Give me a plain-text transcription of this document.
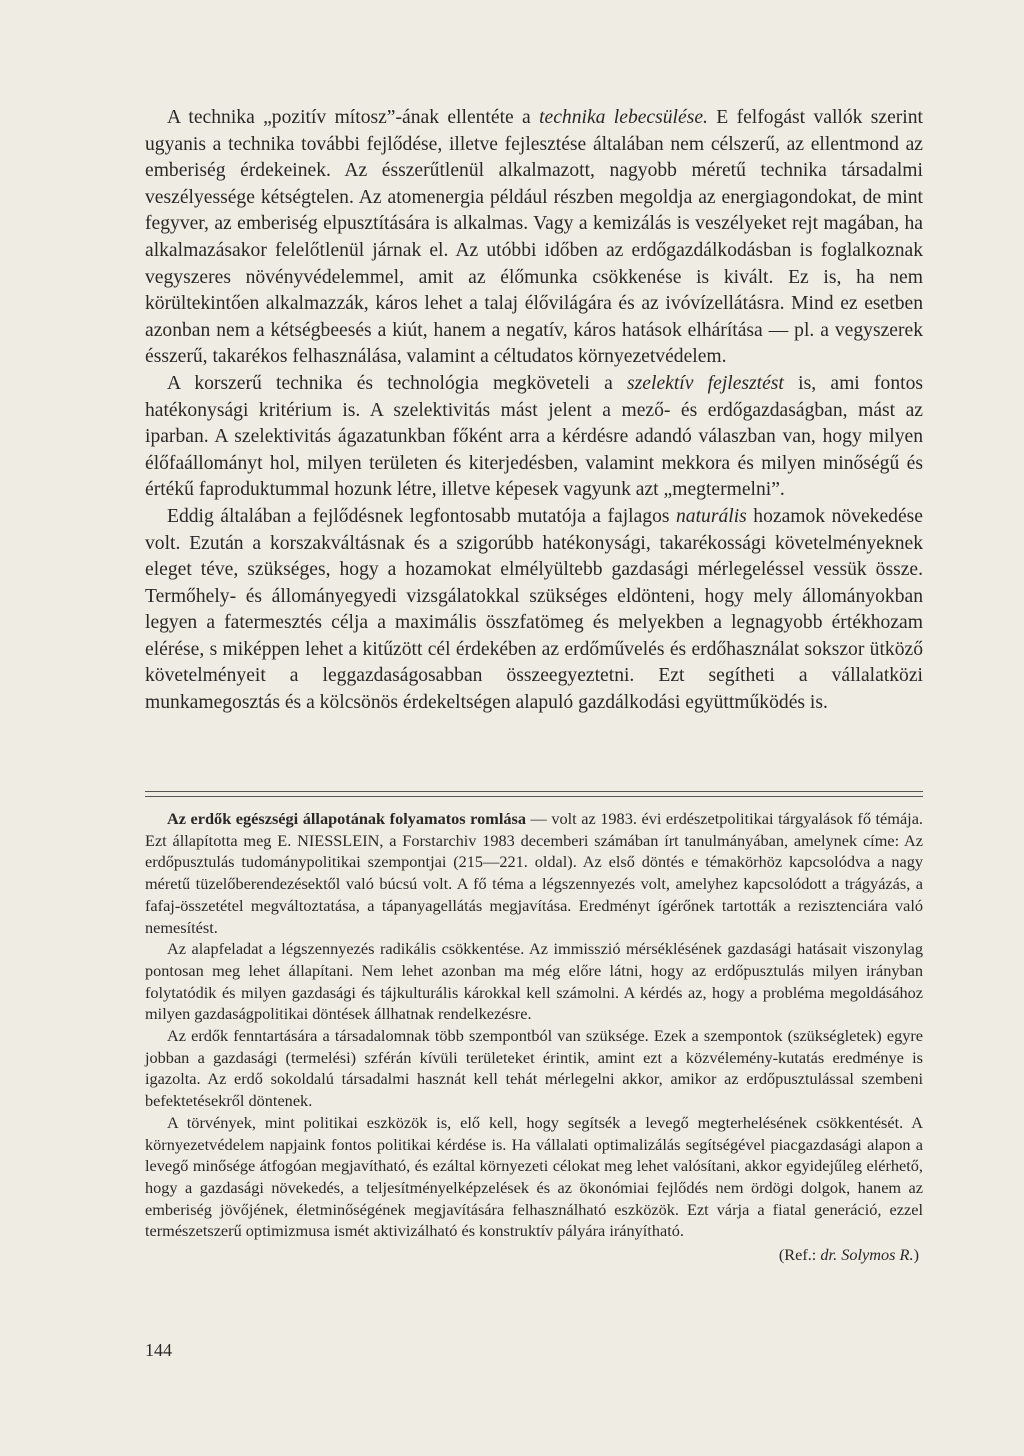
A technika „pozitív mítosz”-ának ellentéte a technika lebecsülése. E felfogást vallók szerint ugyanis a technika további fejlődése, illetve fejlesztése általában nem célszerű, az ellentmond az emberiség érdekeinek. Az ésszerűtlenül alkalmazott, nagyobb méretű technika társadalmi veszélyessége kétségtelen. Az atomenergia például részben megoldja az energiagondokat, de mint fegyver, az emberiség elpusztítására is alkalmas. Vagy a kemizálás is veszélyeket rejt magában, ha alkalmazásakor felelőtlenül járnak el. Az utóbbi időben az erdőgazdálkodásban is foglalkoznak vegyszeres növényvédelemmel, amit az élőmunka csökkenése is kivált. Ez is, ha nem körültekintően alkalmazzák, káros lehet a talaj élővilágára és az ivóvízellátásra. Mind ez esetben azonban nem a kétségbeesés a kiút, hanem a negatív, káros hatások elhárítása — pl. a vegyszerek ésszerű, takarékos felhasználása, valamint a céltudatos környezetvédelem.

A korszerű technika és technológia megköveteli a szelektív fejlesztést is, ami fontos hatékonysági kritérium is. A szelektivitás mást jelent a mező- és erdőgazdaságban, mást az iparban. A szelektivitás ágazatunkban főként arra a kérdésre adandó válaszban van, hogy milyen élőfaállományt hol, milyen területen és kiterjedésben, valamint mekkora és milyen minőségű és értékű faproduktummal hozunk létre, illetve képesek vagyunk azt „megtermelni”.

Eddig általában a fejlődésnek legfontosabb mutatója a fajlagos naturális hozamok növekedése volt. Ezután a korszakváltásnak és a szigorúbb hatékonysági, takarékossági követelményeknek eleget téve, szükséges, hogy a hozamokat elmélyültebb gazdasági mérlegeléssel vessük össze. Termőhely- és állományegyedi vizsgálatokkal szükséges eldönteni, hogy mely állományokban legyen a fatermesztés célja a maximális összfatömeg és melyekben a legnagyobb értékhozam elérése, s miképpen lehet a kitűzött cél érdekében az erdőművelés és erdőhasználat sokszor ütköző követelményeit a leggazdaságosabban összeegyeztetni. Ezt segítheti a vállalatközi munkamegosztás és a kölcsönös érdekeltségen alapuló gazdálkodási együttműködés is.

Az erdők egészségi állapotának folyamatos romlása — volt az 1983. évi erdészetpolitikai tárgyalások fő témája. Ezt állapította meg E. NIESSLEIN, a Forstarchiv 1983 decemberi számában írt tanulmányában, amelynek címe: Az erdőpusztulás tudománypolitikai szempontjai (215—221. oldal). Az első döntés e témakörhöz kapcsolódva a nagy méretű tüzelőberendezésektől való búcsú volt. A fő téma a légszennyezés volt, amelyhez kapcsolódott a trágyázás, a fafaj-összetétel megváltoztatása, a tápanyagellátás megjavítása. Eredményt ígérőnek tartották a rezisztenciára való nemesítést.

Az alapfeladat a légszennyezés radikális csökkentése. Az immisszió mérséklésének gazdasági hatásait viszonylag pontosan meg lehet állapítani. Nem lehet azonban ma még előre látni, hogy az erdőpusztulás milyen irányban folytatódik és milyen gazdasági és tájkulturális károkkal kell számolni. A kérdés az, hogy a probléma megoldásához milyen gazdaságpolitikai döntések állhatnak rendelkezésre.

Az erdők fenntartására a társadalomnak több szempontból van szüksége. Ezek a szempontok (szükségletek) egyre jobban a gazdasági (termelési) szférán kívüli területeket érintik, amint ezt a közvélemény-kutatás eredménye is igazolta. Az erdő sokoldalú társadalmi hasznát kell tehát mérlegelni akkor, amikor az erdőpusztulással szembeni befektetésekről döntenek.

A törvények, mint politikai eszközök is, elő kell, hogy segítsék a levegő megterhelésének csökkentését. A környezetvédelem napjaink fontos politikai kérdése is. Ha vállalati optimalizálás segítségével piacgazdasági alapon a levegő minősége átfogóan megjavítható, és ezáltal környezeti célokat meg lehet valósítani, akkor egyidejűleg elérhető, hogy a gazdasági növekedés, a teljesítményelképzelések és az ökonómiai fejlődés nem ördögi dolgok, hanem az emberiség jövőjének, életminőségének megjavítására felhasználható eszközök. Ezt várja a fiatal generáció, ezzel természetszerű optimizmusa ismét aktivizálható és konstruktív pályára irányítható.

(Ref.: dr. Solymos R.)
144
